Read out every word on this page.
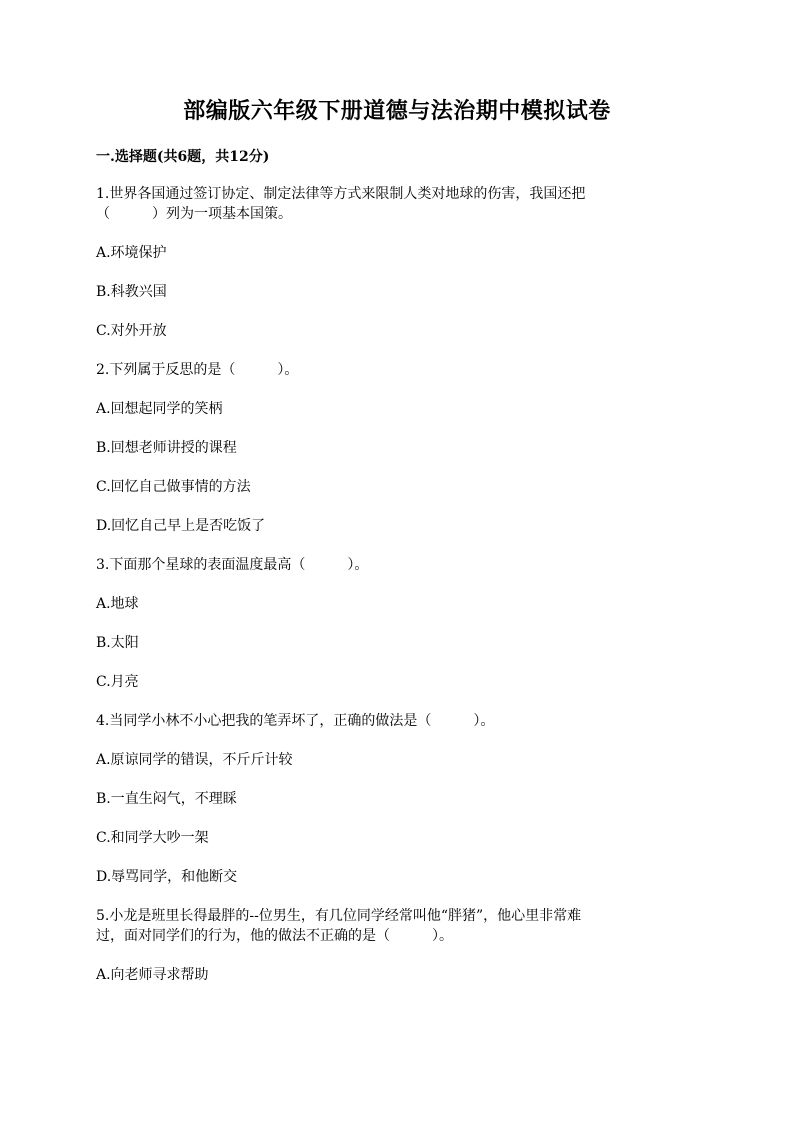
部编版六年级下册道德与法治期中模拟试卷
一.选择题(共6题，共12分)
1.世界各国通过签订协定、制定法律等方式来限制人类对地球的伤害，我国还把
（　　　）列为一项基本国策。
A.环境保护
B.科教兴国
C.对外开放
2.下列属于反思的是（　　　）。
A.回想起同学的笑柄
B.回想老师讲授的课程
C.回忆自己做事情的方法
D.回忆自己早上是否吃饭了
3.下面那个星球的表面温度最高（　　　）。
A.地球
B.太阳
C.月亮
4.当同学小林不小心把我的笔弄坏了，正确的做法是（　　　）。
A.原谅同学的错误，不斤斤计较
B.一直生闷气，不理睬
C.和同学大吵一架
D.辱骂同学，和他断交
5.小龙是班里长得最胖的--位男生，有几位同学经常叫他“胖猪”，他心里非常难
过，面对同学们的行为，他的做法不正确的是（　　　）。
A.向老师寻求帮助
